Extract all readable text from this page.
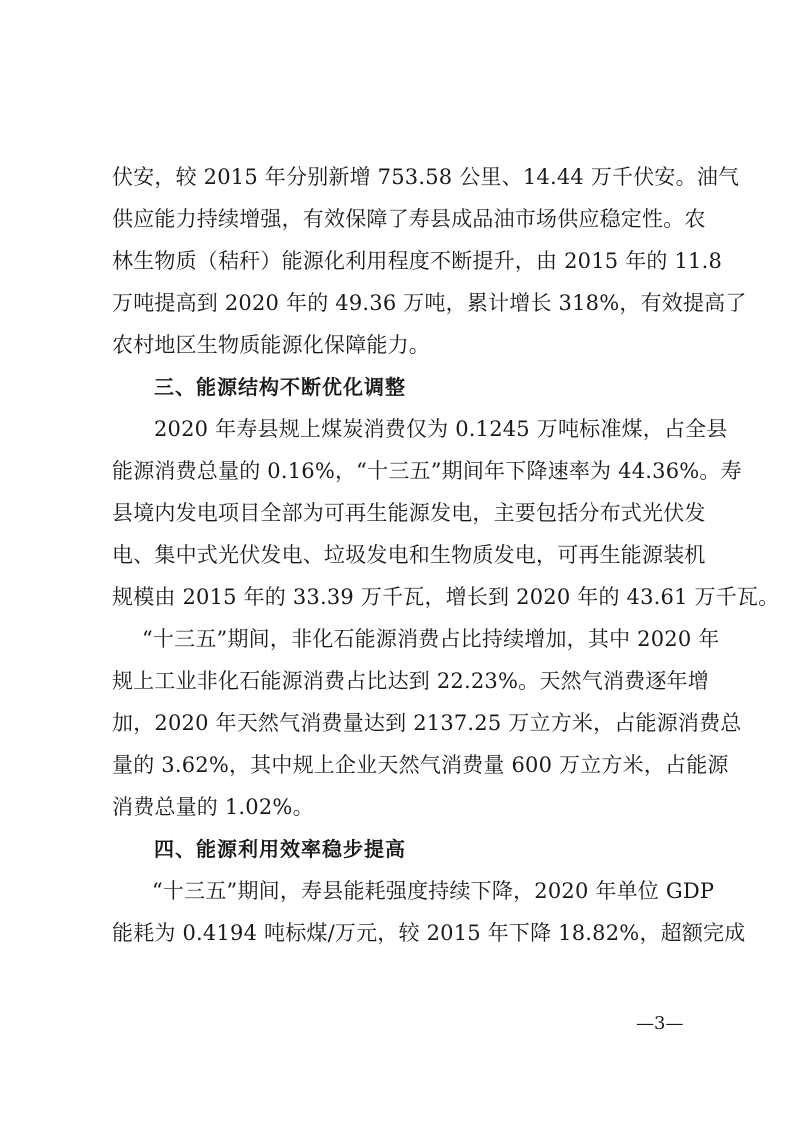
伏安，较 2015 年分别新增 753.58 公里、14.44 万千伏安。油气
供应能力持续增强，有效保障了寿县成品油市场供应稳定性。农
林生物质（秸秆）能源化利用程度不断提升，由 2015 年的 11.8
万吨提高到 2020 年的 49.36 万吨，累计增长 318%，有效提高了
农村地区生物质能源化保障能力。
三、能源结构不断优化调整
2020 年寿县规上煤炭消费仅为 0.1245 万吨标准煤，占全县
能源消费总量的 0.16%，“十三五”期间年下降速率为 44.36%。寿
县境内发电项目全部为可再生能源发电，主要包括分布式光伏发
电、集中式光伏发电、垃圾发电和生物质发电，可再生能源装机
规模由 2015 年的 33.39 万千瓦，增长到 2020 年的 43.61 万千瓦。
“十三五”期间，非化石能源消费占比持续增加，其中 2020 年
规上工业非化石能源消费占比达到 22.23%。天然气消费逐年增
加，2020 年天然气消费量达到 2137.25 万立方米，占能源消费总
量的 3.62%，其中规上企业天然气消费量 600 万立方米，占能源
消费总量的 1.02%。
四、能源利用效率稳步提高
“十三五”期间，寿县能耗强度持续下降，2020 年单位 GDP
能耗为 0.4194 吨标煤/万元，较 2015 年下降 18.82%，超额完成
—3—
